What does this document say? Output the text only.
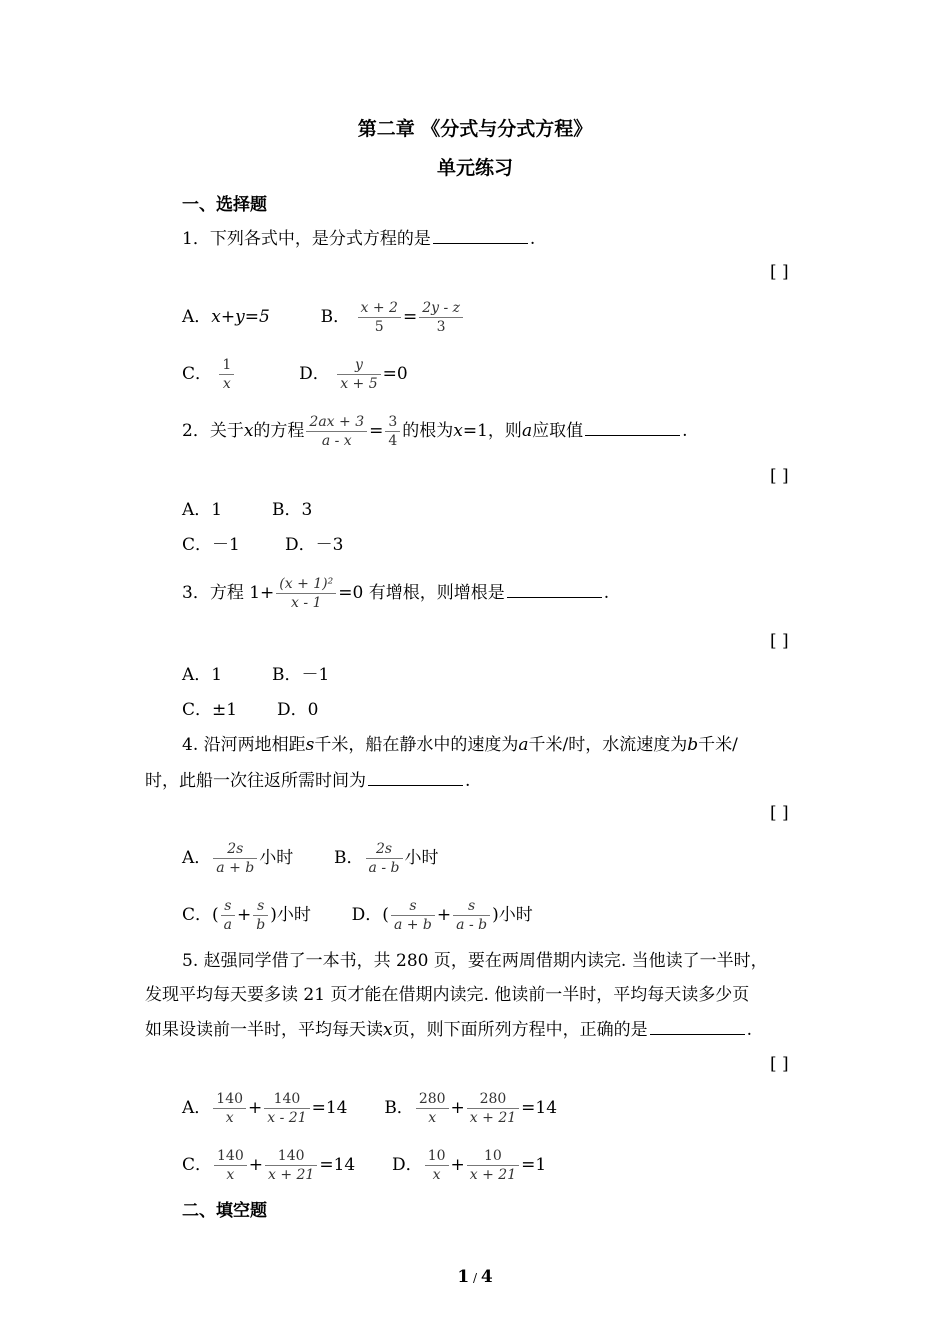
第二章 《分式与分式方程》
单元练习
一、选择题
1．下列各式中，是分式方程的是	.
[ ]
A．x+y=5	B． $\frac{x + 2}{5} = \frac{2y - z}{3}$
C． $\frac{1}{x}$	D． $\frac{y}{x + 5} =0$
2．关于x的方程 $\frac{2ax + 3}{a - x} = \frac{3}{4}$ 的根为x=1，则a应取值	.
[ ]
A．1	B．3
C．－1	D．－3
3．方程 $1+ \frac{\text{(x + 1)²}}{x - 1} =0$ 有增根，则增根是	.
[ ]
A．1	B．－1
C．±1 D．0
4. 沿河两地相距s千米，船在静水中的速度为a千米/时，水流速度为b千米/
时，此船一次往返所需时间为	.
[ ]
A． $\frac{2s}{a + b}$ 小时 B． $\frac{2s}{a - b}$ 小时
C．( $\frac{s}{a} + \frac{s}{b}$ )小时 D．( $\frac{s}{a + b} + \frac{s}{a - b}$ )小时
5. 赵强同学借了一本书，共 280 页，要在两周借期内读完. 当他读了一半时，
发现平均每天要多读 21 页才能在借期内读完. 他读前一半时，平均每天读多少页
如果设读前一半时，平均每天读x页，则下面所列方程中，正确的是	.
[ ]
A． $\frac{140}{x} + \frac{140}{x - 21} =14$ B． $\frac{280}{x} + \frac{280}{x + 21} =14$
C． $\frac{140}{x} + \frac{140}{x + 21} =14$ D． $\frac{10}{x} + \frac{10}{x + 21} =1$
二、填空题
1 / 4
